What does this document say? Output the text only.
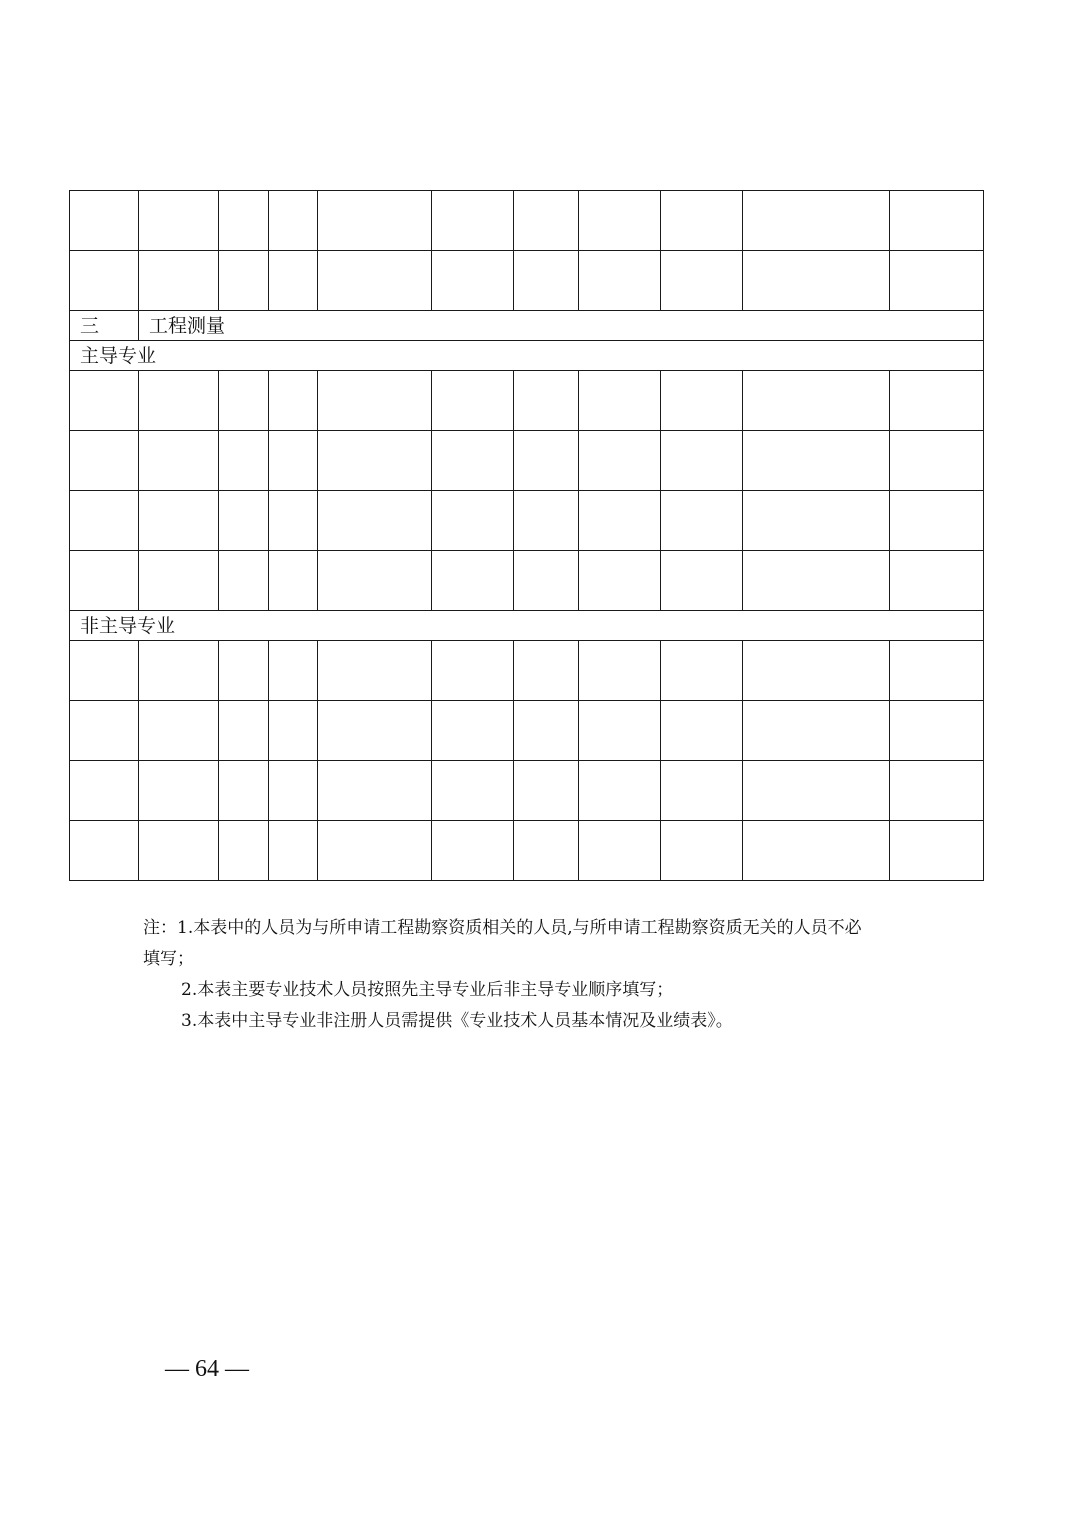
三	工程测量									
主导专业										

非主导专业										

注：1.本表中的人员为与所申请工程勘察资质相关的人员,与所申请工程勘察资质无关的人员不必

填写；

2.本表主要专业技术人员按照先主导专业后非主导专业顺序填写；

3.本表中主导专业非注册人员需提供《专业技术人员基本情况及业绩表》。

— 64 —
